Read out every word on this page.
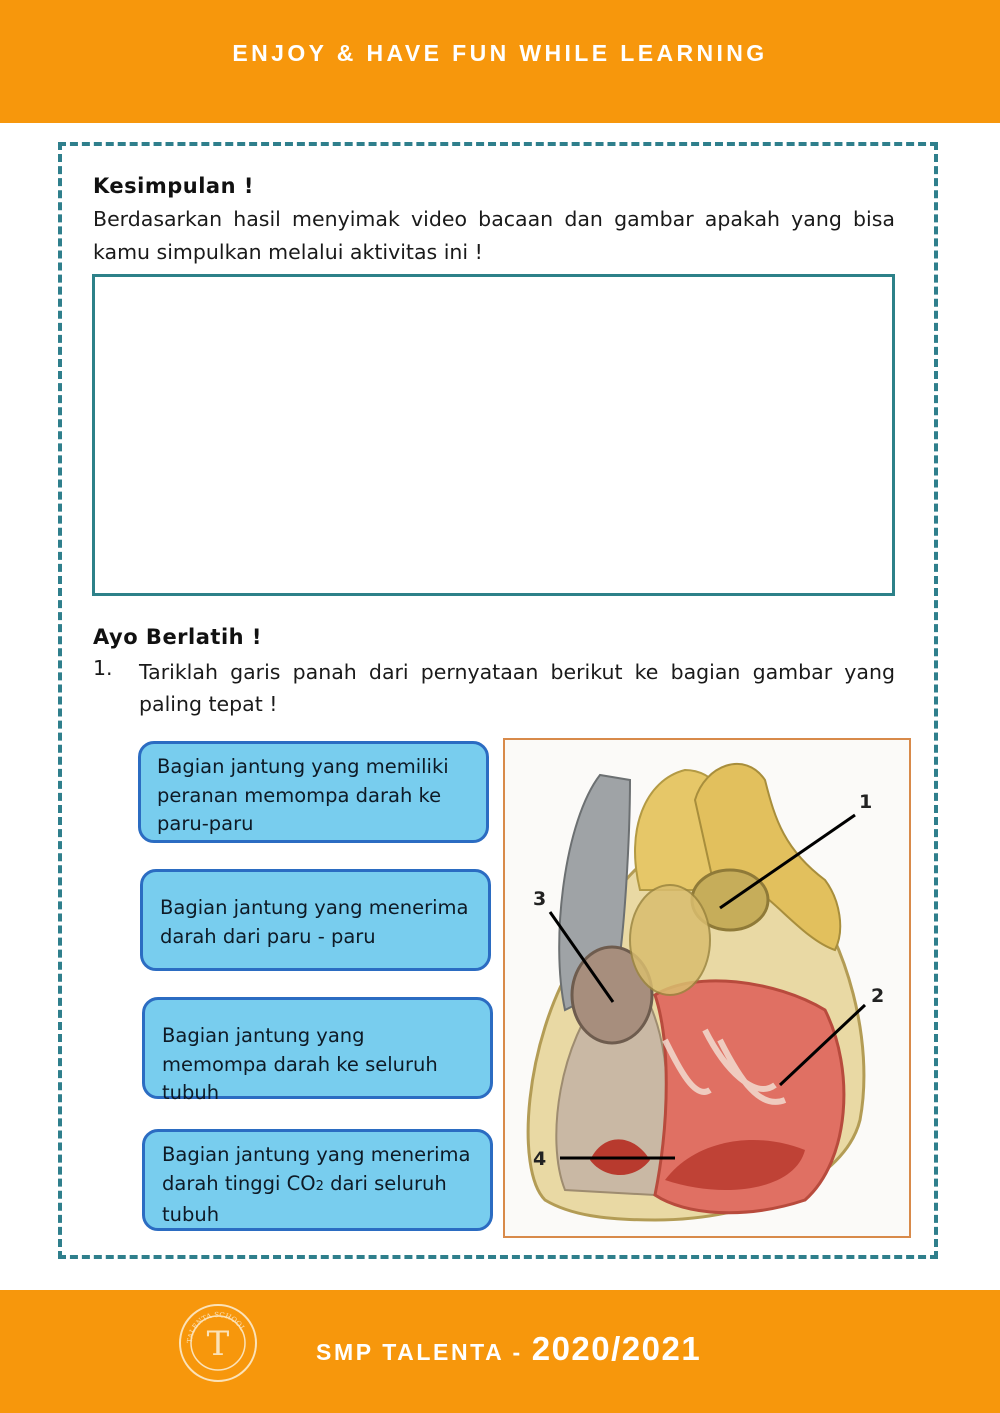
ENJOY & HAVE FUN WHILE LEARNING
Kesimpulan !
Berdasarkan hasil menyimak video bacaan dan gambar apakah yang bisa kamu simpulkan melalui aktivitas ini !
Ayo Berlatih !
1. Tariklah garis panah dari pernyataan berikut ke bagian gambar yang paling tepat !
Bagian jantung yang memiliki peranan memompa darah ke paru-paru
Bagian jantung yang menerima darah dari paru - paru
Bagian jantung yang memompa darah ke seluruh tubuh
Bagian jantung yang menerima darah tinggi CO2 dari seluruh tubuh
1
2
3
4
TALENTA SCHOOL
T	SMP TALENTA - 2020/2021
